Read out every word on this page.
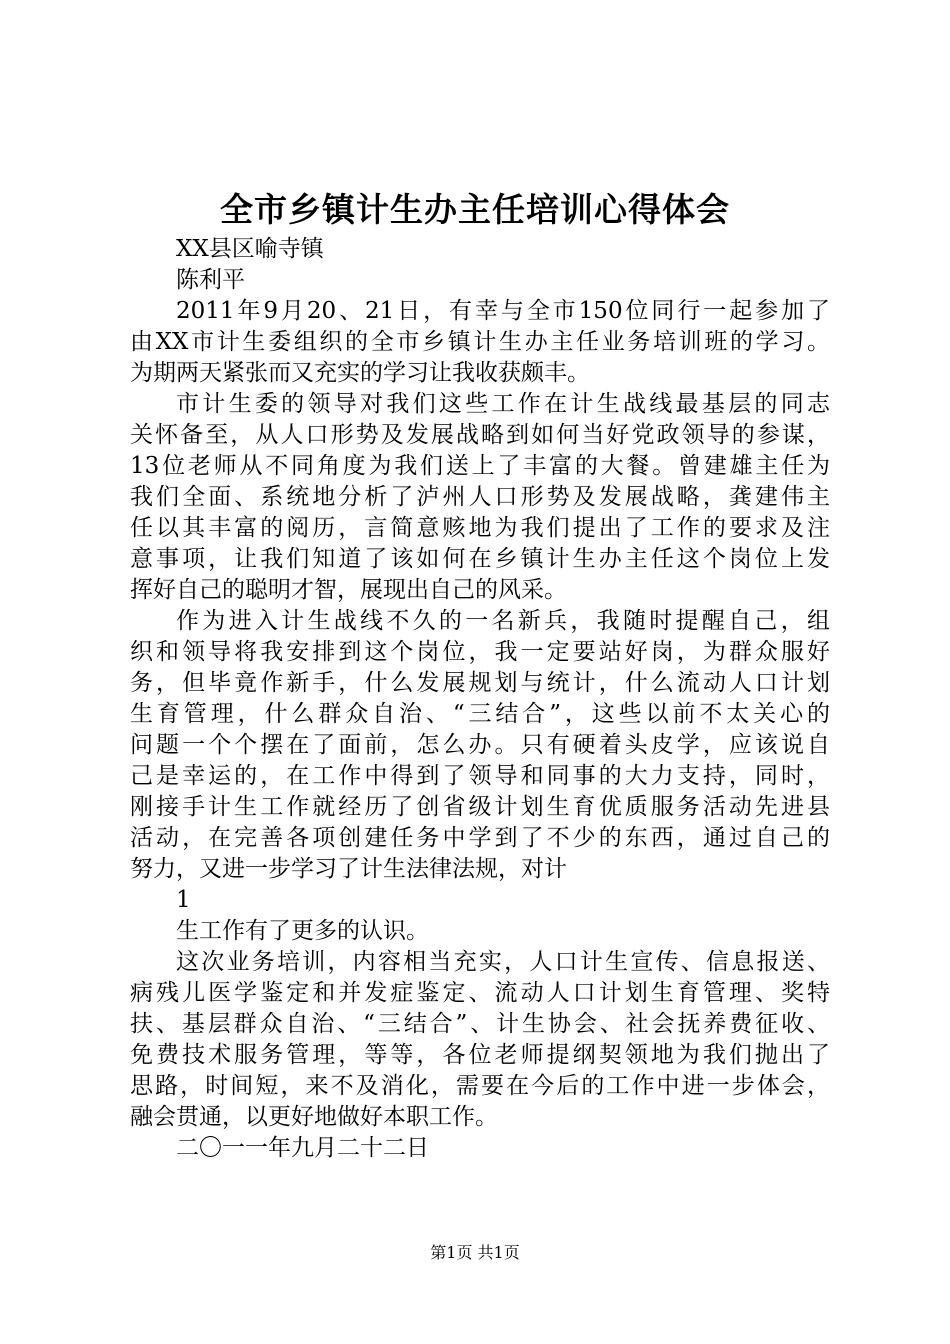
全市乡镇计生办主任培训心得体会
XX县区喻寺镇
陈利平
2011年9月20、21日，有幸与全市150位同行一起参加了
由XX市计生委组织的全市乡镇计生办主任业务培训班的学习。
为期两天紧张而又充实的学习让我收获颇丰。
市计生委的领导对我们这些工作在计生战线最基层的同志
关怀备至，从人口形势及发展战略到如何当好党政领导的参谋，
13位老师从不同角度为我们送上了丰富的大餐。曾建雄主任为
我们全面、系统地分析了泸州人口形势及发展战略，龚建伟主
任以其丰富的阅历，言简意赅地为我们提出了工作的要求及注
意事项，让我们知道了该如何在乡镇计生办主任这个岗位上发
挥好自己的聪明才智，展现出自己的风采。
作为进入计生战线不久的一名新兵，我随时提醒自己，组
织和领导将我安排到这个岗位，我一定要站好岗，为群众服好
务，但毕竟作新手，什么发展规划与统计，什么流动人口计划
生育管理，什么群众自治、“三结合”，这些以前不太关心的
问题一个个摆在了面前，怎么办。只有硬着头皮学，应该说自
己是幸运的，在工作中得到了领导和同事的大力支持，同时，
刚接手计生工作就经历了创省级计划生育优质服务活动先进县
活动，在完善各项创建任务中学到了不少的东西，通过自己的
努力，又进一步学习了计生法律法规，对计
1
生工作有了更多的认识。
这次业务培训，内容相当充实，人口计生宣传、信息报送、
病残儿医学鉴定和并发症鉴定、流动人口计划生育管理、奖特
扶、基层群众自治、“三结合”、计生协会、社会抚养费征收、
免费技术服务管理，等等，各位老师提纲契领地为我们抛出了
思路，时间短，来不及消化，需要在今后的工作中进一步体会，
融会贯通，以更好地做好本职工作。
二〇一一年九月二十二日
第1页 共1页
